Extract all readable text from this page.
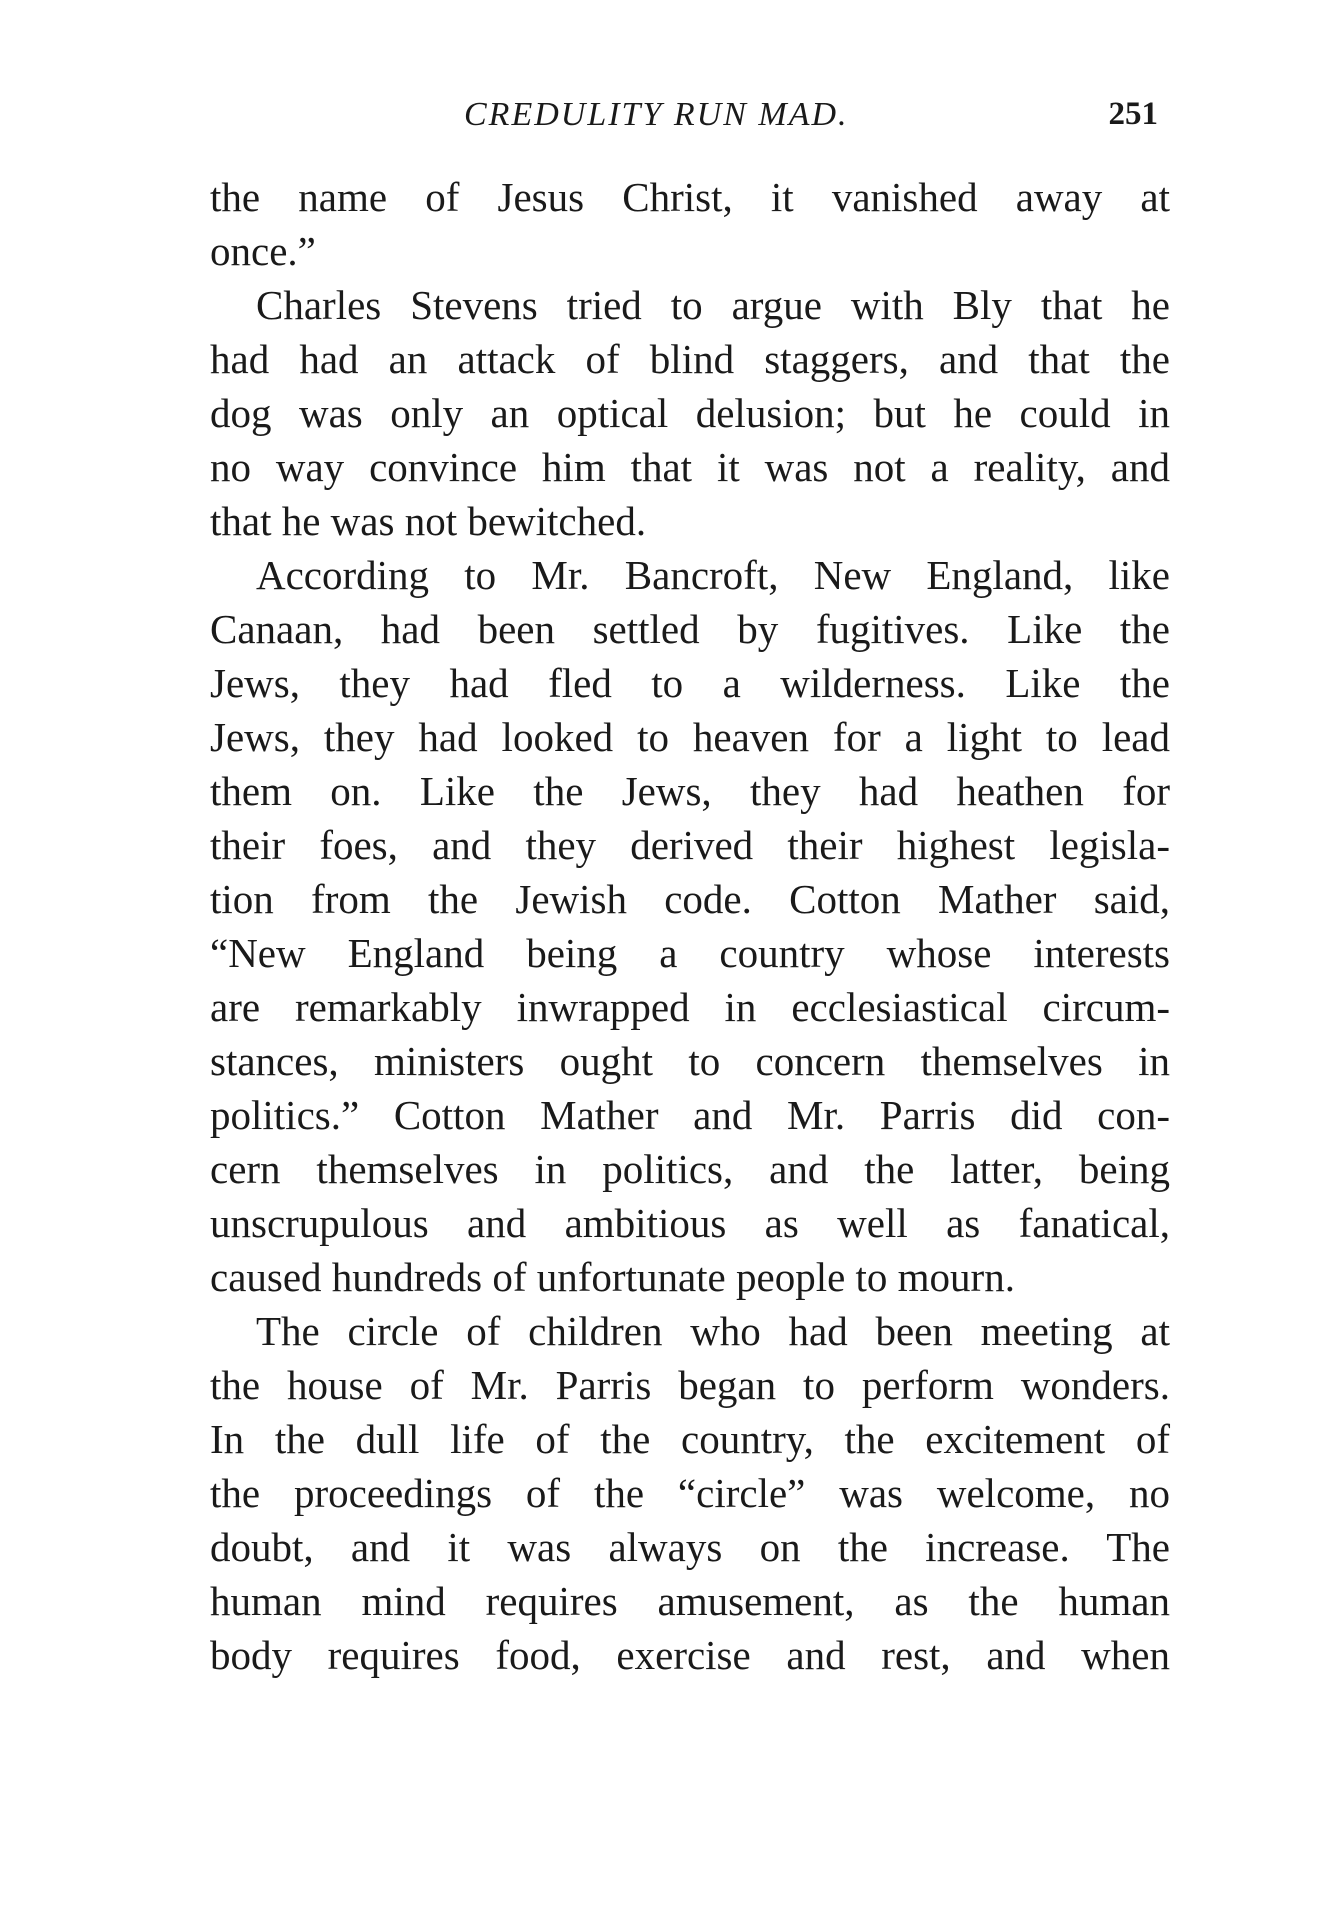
CREDULITY RUN MAD.	251
the name of Jesus Christ, it vanished away at
once.”
Charles Stevens tried to argue with Bly that he
had had an attack of blind staggers, and that the
dog was only an optical delusion; but he could in
no way convince him that it was not a reality, and
that he was not bewitched.
According to Mr. Bancroft, New England, like
Canaan, had been settled by fugitives. Like the
Jews, they had fled to a wilderness. Like the
Jews, they had looked to heaven for a light to lead
them on. Like the Jews, they had heathen for
their foes, and they derived their highest legisla-
tion from the Jewish code. Cotton Mather said,
“New England being a country whose interests
are remarkably inwrapped in ecclesiastical circum-
stances, ministers ought to concern themselves in
politics.” Cotton Mather and Mr. Parris did con-
cern themselves in politics, and the latter, being
unscrupulous and ambitious as well as fanatical,
caused hundreds of unfortunate people to mourn.
The circle of children who had been meeting at
the house of Mr. Parris began to perform wonders.
In the dull life of the country, the excitement of
the proceedings of the “circle” was welcome, no
doubt, and it was always on the increase. The
human mind requires amusement, as the human
body requires food, exercise and rest, and when
